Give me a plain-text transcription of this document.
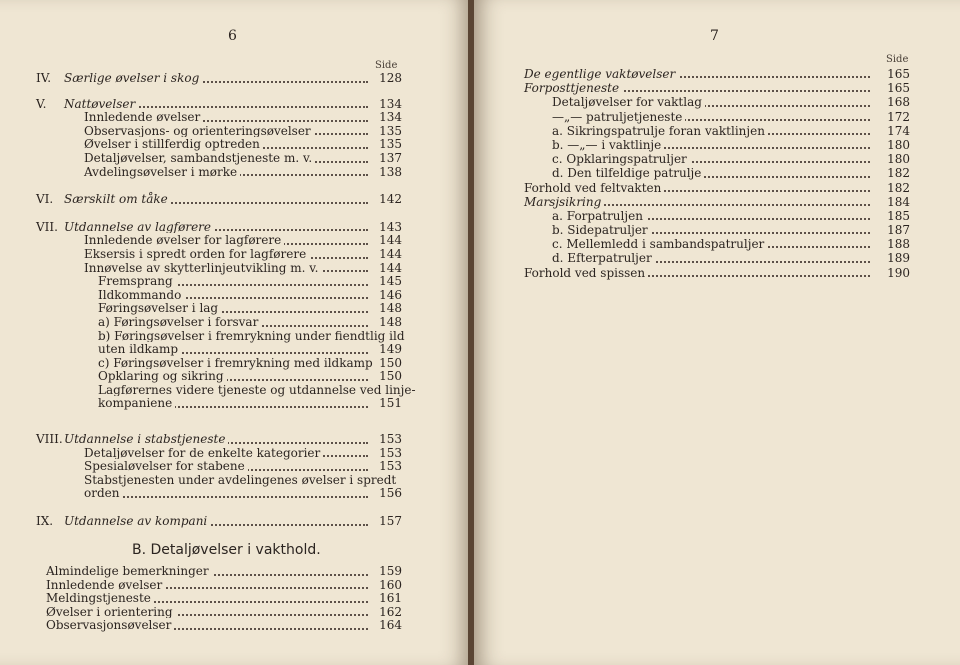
6
Side
IV. Særlige øvelser i skog	128
V. Nattøvelser	134
Innledende øvelser	134
Observasjons- og orienteringsøvelser	135
Øvelser i stillferdig optreden	135
Detaljøvelser, sambandstjeneste m. v.	137
Avdelingsøvelser i mørke	138
VI. Særskilt om tåke	142
VII. Utdannelse av lagførere	143
Innledende øvelser for lagførere	144
Eksersis i spredt orden for lagførere	144
Innøvelse av skytterlinjeutvikling m. v.	144
Fremsprang	145
Ildkommando	146
Føringsøvelser i lag	148
a) Føringsøvelser i forsvar	148
b) Føringsøvelser i fremrykning under fiendtlig ild
uten ildkamp	149
c) Føringsøvelser i fremrykning med ildkamp 150
Opklaring og sikring	150
Lagførernes videre tjeneste og utdannelse ved linje-
kompaniene	151
VIII. Utdannelse i stabstjeneste	153
Detaljøvelser for de enkelte kategorier	153
Spesialøvelser for stabene	153
Stabstjenesten under avdelingenes øvelser i spredt
orden	156
IX. Utdannelse av kompani	157
B. Detaljøvelser i vakthold.
Almindelige bemerkninger	159
Innledende øvelser	160
Meldingstjeneste	161
Øvelser i orientering	162
Observasjonsøvelser	164
7
Side
De egentlige vaktøvelser	165
Forposttjeneste	165
Detaljøvelser for vaktlag	168
—„— patruljetjeneste	172
a. Sikringspatrulje foran vaktlinjen	174
b. —„— i vaktlinje	180
c. Opklaringspatruljer	180
d. Den tilfeldige patrulje	182
Forhold ved feltvakten	182
Marsjsikring	184
a. Forpatruljen	185
b. Sidepatruljer	187
c. Mellemledd i sambandspatruljer	188
d. Efterpatruljer	189
Forhold ved spissen	190
